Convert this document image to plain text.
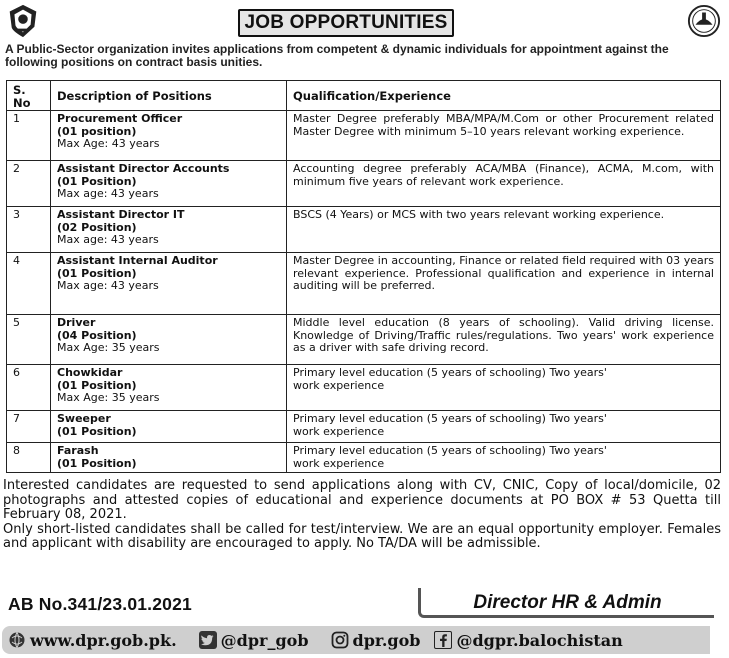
JOB OPPORTUNITIES
A Public-Sector organization invites applications from competent & dynamic individuals for appointment against the following positions on contract basis unities.
S. No	Description of Positions	Qualification/Experience
1	Procurement Officer
(01 position)
Max Age: 43 years	Master Degree preferably MBA/MPA/M.Com or other Procurement related Master Degree with minimum 5–10 years relevant working experience.
2	Assistant Director Accounts
(01 Position)
Max age: 43 years	Accounting degree preferably ACA/MBA (Finance), ACMA, M.com, with minimum five years of relevant work experience.
3	Assistant Director IT
(02 Position)
Max age: 43 years	BSCS (4 Years) or MCS with two years relevant working experience.
4	Assistant Internal Auditor
(01 Position)
Max age: 43 years	Master Degree in accounting, Finance or related field required with 03 years relevant experience. Professional qualification and experience in internal auditing will be preferred.
5	Driver
(04 Position)
Max Age: 35 years	Middle level education (8 years of schooling). Valid driving license. Knowledge of Driving/Traffic rules/regulations. Two years' work experience as a driver with safe driving record.
6	Chowkidar
(01 Position)
Max Age: 35 years	Primary level education (5 years of schooling) Two years' work experience

7	Sweeper
(01 Position)	Primary level education (5 years of schooling) Two years' work experience

8	Farash
(01 Position)	Primary level education (5 years of schooling) Two years' work experience

Interested candidates are requested to send applications along with CV, CNIC, Copy of local/domicile, 02 photographs and attested copies of educational and experience documents at PO BOX # 53 Quetta till February 08, 2021.

Only short-listed candidates shall be called for test/interview. We are an equal opportunity employer. Females and applicant with disability are encouraged to apply. No TA/DA will be admissible.

AB No.341/23.01.2021	Director HR & Admin
www.dpr.gob.pk.	@dpr_gob	dpr.gob @dgpr.balochistan
